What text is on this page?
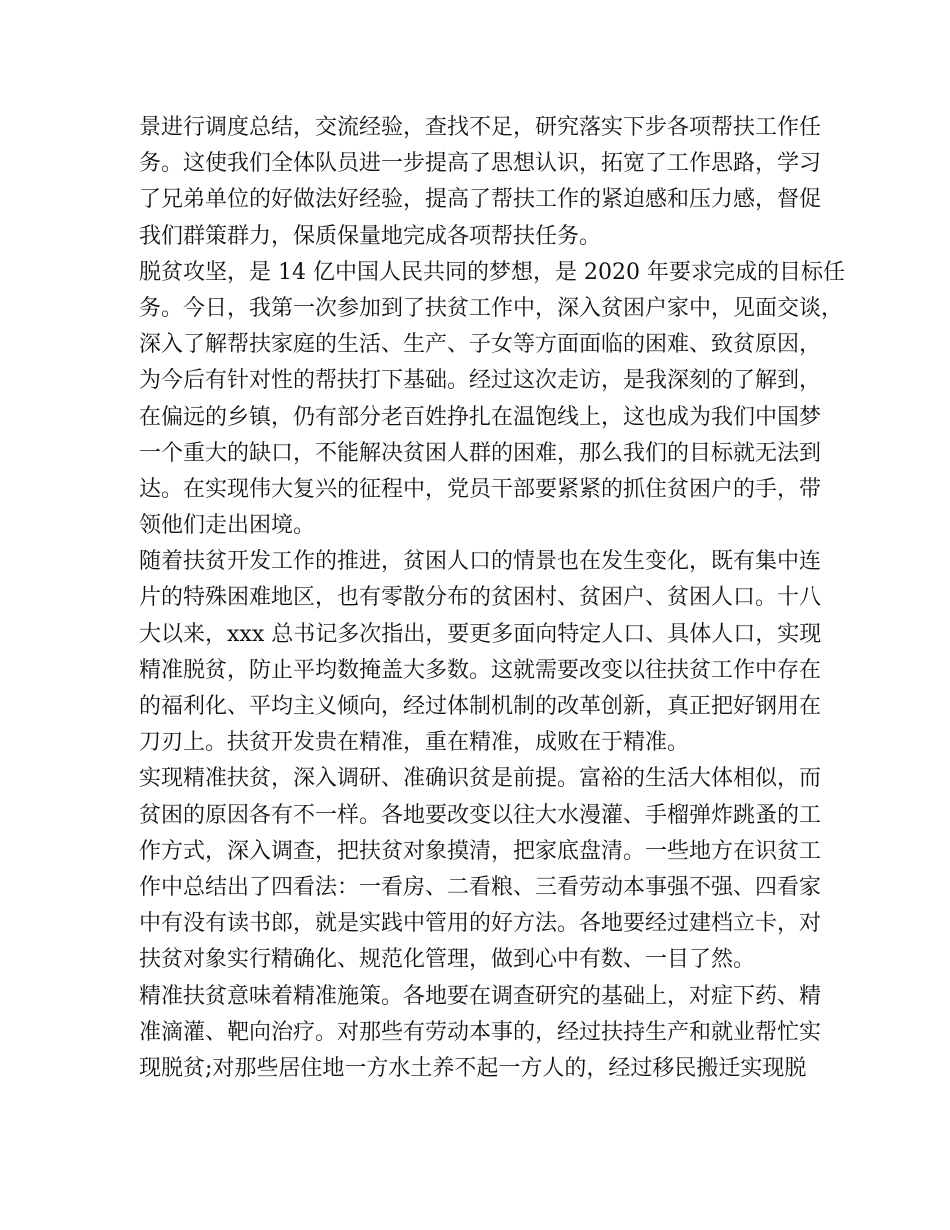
景进行调度总结，交流经验，查找不足，研究落实下步各项帮扶工作任
务。这使我们全体队员进一步提高了思想认识，拓宽了工作思路，学习
了兄弟单位的好做法好经验，提高了帮扶工作的紧迫感和压力感，督促
我们群策群力，保质保量地完成各项帮扶任务。
脱贫攻坚，是 14 亿中国人民共同的梦想，是 2020 年要求完成的目标任
务。今日，我第一次参加到了扶贫工作中，深入贫困户家中，见面交谈，
深入了解帮扶家庭的生活、生产、子女等方面面临的困难、致贫原因，
为今后有针对性的帮扶打下基础。经过这次走访，是我深刻的了解到，
在偏远的乡镇，仍有部分老百姓挣扎在温饱线上，这也成为我们中国梦
一个重大的缺口，不能解决贫困人群的困难，那么我们的目标就无法到
达。在实现伟大复兴的征程中，党员干部要紧紧的抓住贫困户的手，带
领他们走出困境。
随着扶贫开发工作的推进，贫困人口的情景也在发生变化，既有集中连
片的特殊困难地区，也有零散分布的贫困村、贫困户、贫困人口。十八
大以来，xxx 总书记多次指出，要更多面向特定人口、具体人口，实现
精准脱贫，防止平均数掩盖大多数。这就需要改变以往扶贫工作中存在
的福利化、平均主义倾向，经过体制机制的改革创新，真正把好钢用在
刀刃上。扶贫开发贵在精准，重在精准，成败在于精准。
实现精准扶贫，深入调研、准确识贫是前提。富裕的生活大体相似，而
贫困的原因各有不一样。各地要改变以往大水漫灌、手榴弹炸跳蚤的工
作方式，深入调查，把扶贫对象摸清，把家底盘清。一些地方在识贫工
作中总结出了四看法：一看房、二看粮、三看劳动本事强不强、四看家
中有没有读书郎，就是实践中管用的好方法。各地要经过建档立卡，对
扶贫对象实行精确化、规范化管理，做到心中有数、一目了然。
精准扶贫意味着精准施策。各地要在调查研究的基础上，对症下药、精
准滴灌、靶向治疗。对那些有劳动本事的，经过扶持生产和就业帮忙实
现脱贫;对那些居住地一方水土养不起一方人的，经过移民搬迁实现脱
